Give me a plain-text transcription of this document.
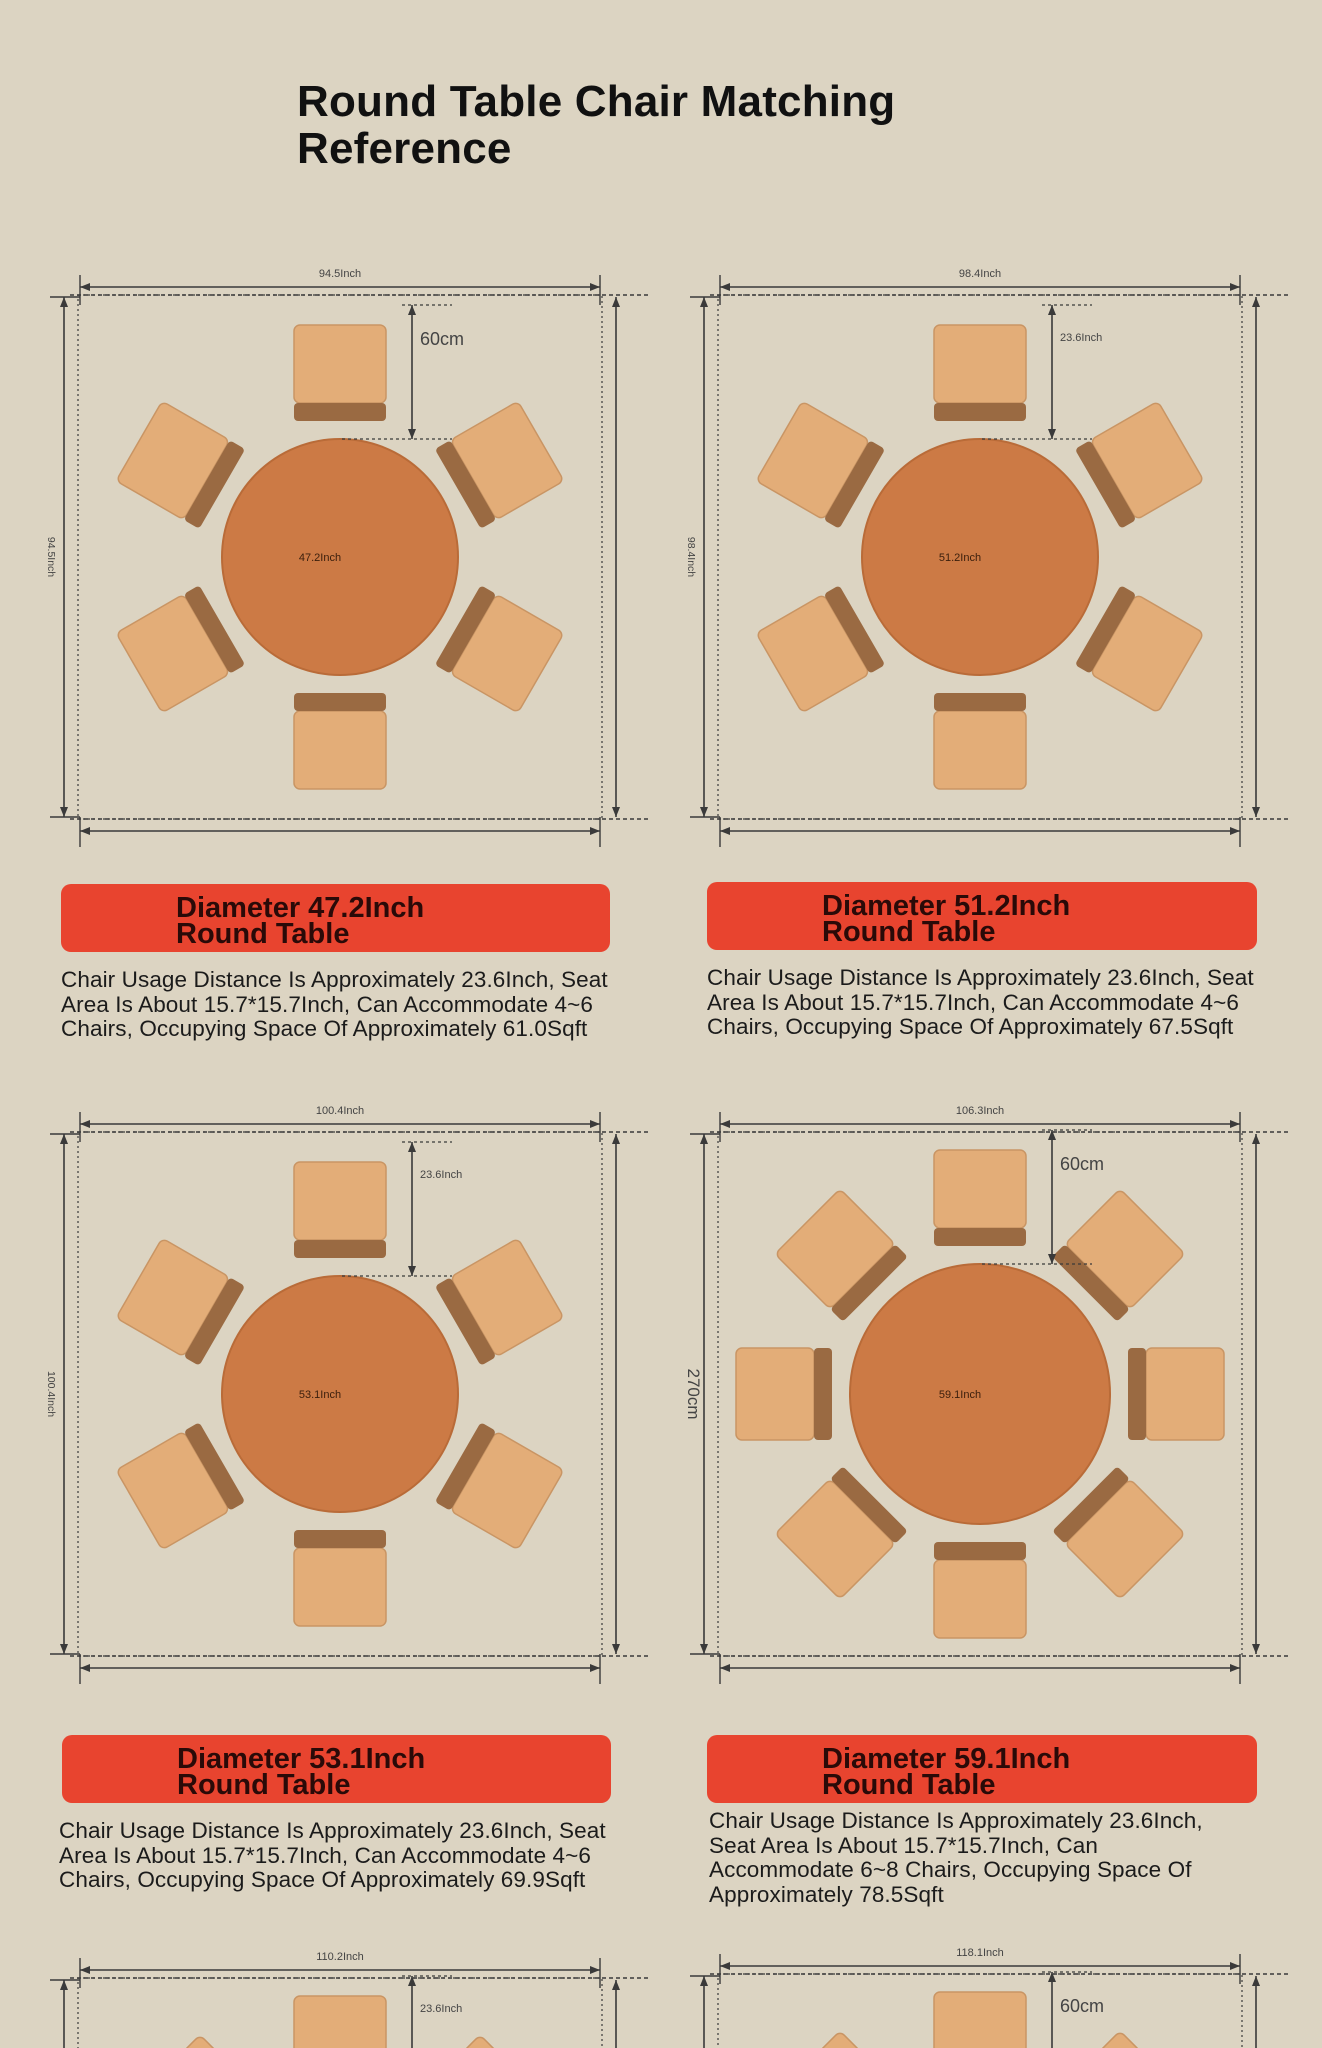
Round Table Chair Matching
Reference
94.5Inch
94.5Inch	47.2Inch
60cm
98.4Inch
98.4Inch	51.2Inch
23.6Inch
100.4Inch
100.4Inch	53.1Inch
23.6Inch
106.3Inch
270cm	59.1Inch
60cm
110.2Inch
23.6Inch
118.1Inch
60cm
Diameter 47.2Inch
Round Table
Diameter 51.2Inch
Round Table
Diameter 53.1Inch
Round Table
Diameter 59.1Inch
Round Table
Chair Usage Distance Is Approximately 23.6Inch, Seat
Area Is About 15.7*15.7Inch, Can Accommodate 4~6
Chairs, Occupying Space Of Approximately 61.0Sqft
Chair Usage Distance Is Approximately 23.6Inch, Seat
Area Is About 15.7*15.7Inch, Can Accommodate 4~6
Chairs, Occupying Space Of Approximately 67.5Sqft
Chair Usage Distance Is Approximately 23.6Inch, Seat
Area Is About 15.7*15.7Inch, Can Accommodate 4~6
Chairs, Occupying Space Of Approximately 69.9Sqft
Chair Usage Distance Is Approximately 23.6Inch,
Seat Area Is About 15.7*15.7Inch, Can
Accommodate 6~8 Chairs, Occupying Space Of
Approximately 78.5Sqft
